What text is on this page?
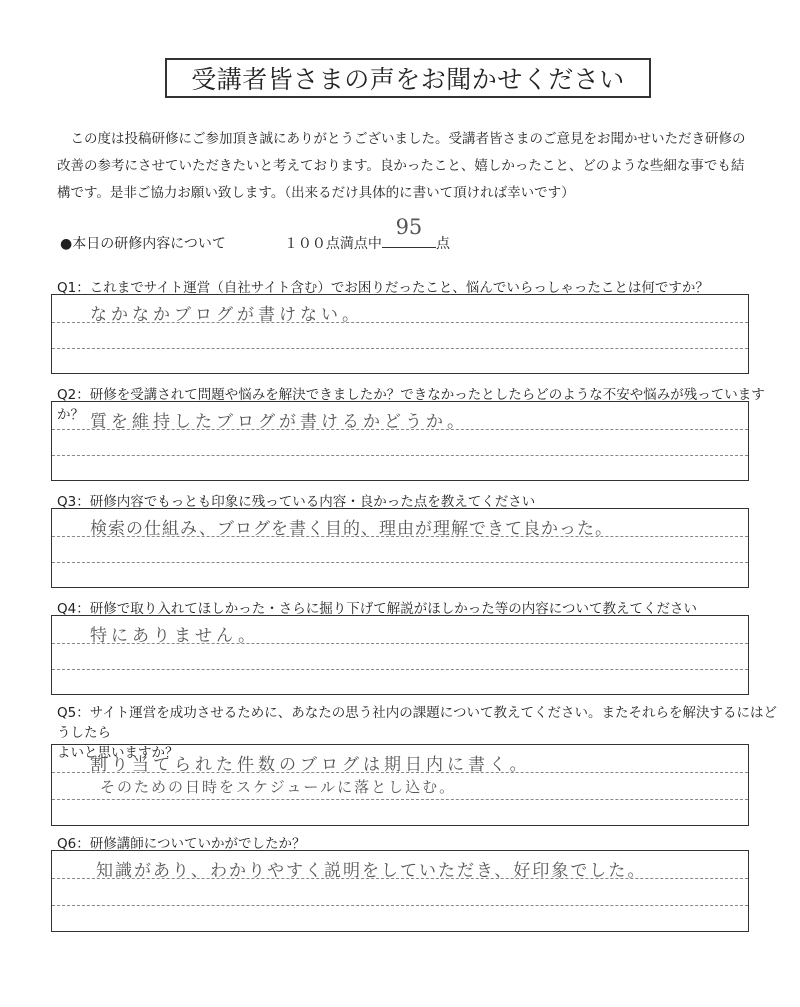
受講者皆さまの声をお聞かせください
この度は投稿研修にご参加頂き誠にありがとうございました。受講者皆さまのご意見をお聞かせいただき研修の改善の参考にさせていただきたいと考えております。良かったこと、嬉しかったこと、どのような些細な事でも結構です。是非ご協力お願い致します。（出来るだけ具体的に書いて頂ければ幸いです）
●本日の研修内容について	１００点満点中
95
点
Q1：これまでサイト運営（自社サイト含む）でお困りだったこと、悩んでいらっしゃったことは何ですか？
なかなかブログが書けない。
Q2：研修を受講されて問題や悩みを解決できましたか？できなかったとしたらどのような不安や悩みが残っていますか？ 質を維持したブログが書けるかどうか。
Q3：研修内容でもっとも印象に残っている内容・良かった点を教えてください
検索の仕組み、ブログを書く目的、理由が理解できて良かった。
Q4：研修で取り入れてほしかった・さらに掘り下げて解説がほしかった等の内容について教えてください
特にありません。
Q5：サイト運営を成功させるために、あなたの思う社内の課題について教えてください。またそれらを解決するにはどうしたら
よいと思いますか？
割り当てられた件数のブログは期日内に書く。
そのための日時をスケジュールに落とし込む。
Q6：研修講師についていかがでしたか？
知識があり、わかりやすく説明をしていただき、好印象でした。
